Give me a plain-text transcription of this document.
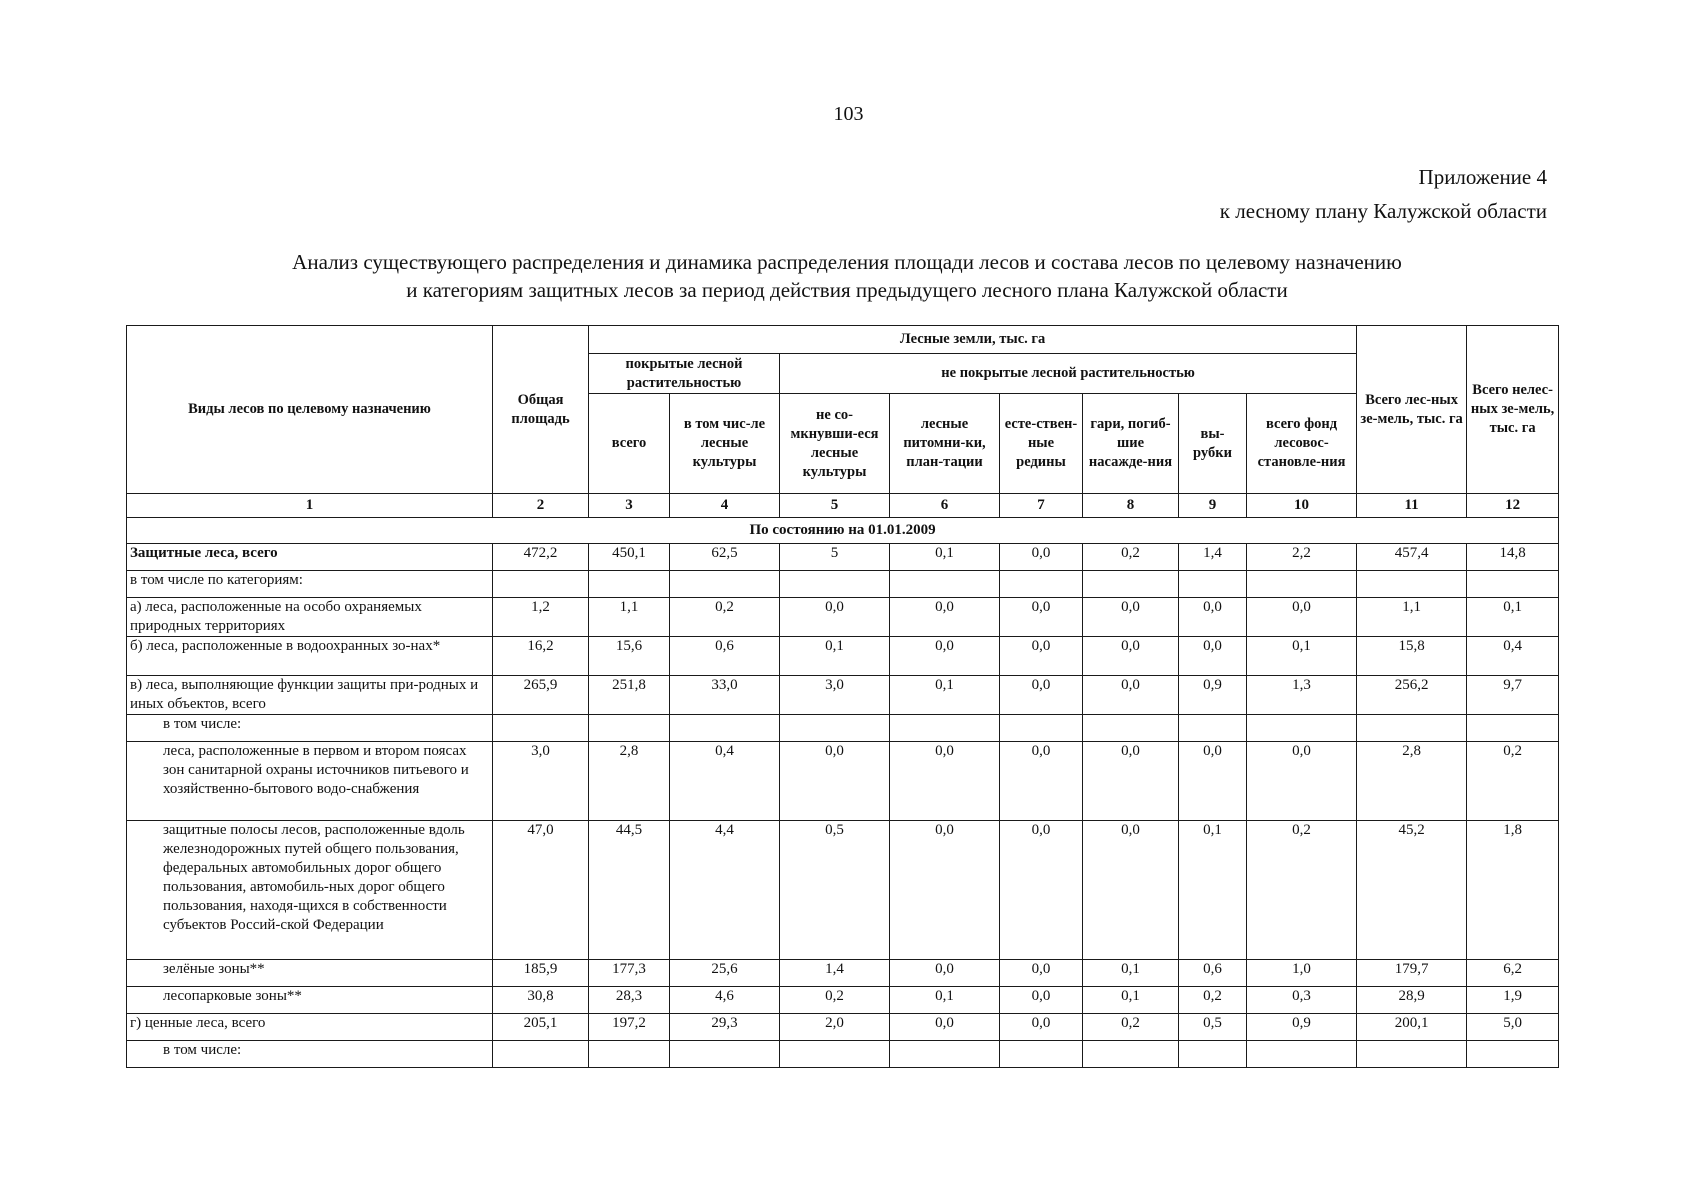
103
Приложение 4
к лесному плану Калужской области
Анализ существующего распределения и динамика распределения площади лесов и состава лесов по целевому назначению
и категориям защитных лесов за период действия предыдущего лесного плана Калужской области
Виды лесов по целевому назначению	Общая площадь	Лесные земли, тыс. га								Всего лес-ных зе-мель, тыс. га	Всего нелес-ных зе-мель, тыс. га
		покрытые лесной растительностью		не покрытые лесной растительностью							
		всего	в том чис-ле лесные культуры	не со-мкнувши-еся лесные культуры	лесные питомни-ки, план-тации	есте-ствен-ные редины	гари, погиб-шие насажде-ния	вы-рубки	всего фонд лесовос-становле-ния		
1	2	3	4	5	6	7	8	9	10	11	12
По состоянию на 01.01.2009											
Защитные леса, всего	472,2	450,1	62,5	5	0,1	0,0	0,2	1,4	2,2	457,4	14,8
в том числе по категориям:											
а) леса, расположенные на особо охраняемых природных территориях	1,2	1,1	0,2	0,0	0,0	0,0	0,0	0,0	0,0	1,1	0,1
б) леса, расположенные в водоохранных зо-нах*	16,2	15,6	0,6	0,1	0,0	0,0	0,0	0,0	0,1	15,8	0,4
в) леса, выполняющие функции защиты при-родных и иных объектов, всего	265,9	251,8	33,0	3,0	0,1	0,0	0,0	0,9	1,3	256,2	9,7
в том числе:											
леса, расположенные в первом и втором поясах зон санитарной охраны источников питьевого и хозяйственно-бытового водо-снабжения	3,0	2,8	0,4	0,0	0,0	0,0	0,0	0,0	0,0	2,8	0,2
защитные полосы лесов, расположенные вдоль железнодорожных путей общего пользования, федеральных автомобильных дорог общего пользования, автомобиль-ных дорог общего пользования, находя-щихся в собственности субъектов Россий-ской Федерации	47,0	44,5	4,4	0,5	0,0	0,0	0,0	0,1	0,2	45,2	1,8
зелёные зоны**	185,9	177,3	25,6	1,4	0,0	0,0	0,1	0,6	1,0	179,7	6,2
лесопарковые зоны**	30,8	28,3	4,6	0,2	0,1	0,0	0,1	0,2	0,3	28,9	1,9
г) ценные леса, всего	205,1	197,2	29,3	2,0	0,0	0,0	0,2	0,5	0,9	200,1	5,0
в том числе:											
